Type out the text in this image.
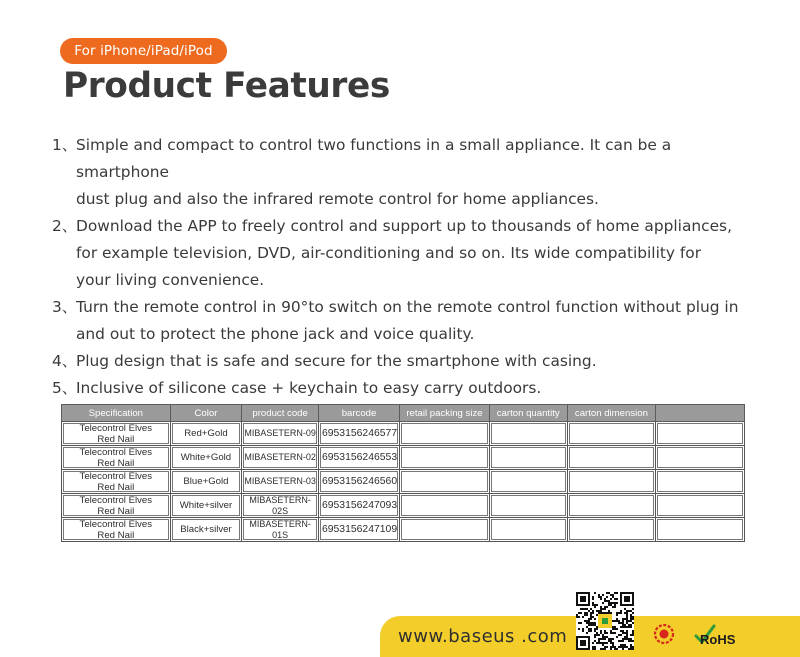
For iPhone/iPad/iPod
Product Features
1、
Simple and compact to control two functions in a small appliance. It can be a smartphone
dust plug and also the infrared remote control for home appliances.
2、
Download the APP to freely control and support up to thousands of home appliances,
for example television, DVD, air-conditioning and so on. Its wide compatibility for
your living convenience.
3、
Turn the remote control in 90°to switch on the remote control function without plug in
and out to protect the phone jack and voice quality.
4、
Plug design that is safe and secure for the smartphone with casing.
5、
Inclusive of silicone case + keychain to easy carry outdoors.
Specification	Color	product code	barcode	retail packing size	carton quantity	carton dimension	
Telecontrol Elves
Red Nail	Red+Gold	MIBASETERN-09	6953156246577				
Telecontrol Elves
Red Nail	White+Gold	MIBASETERN-02	6953156246553				
Telecontrol Elves
Red Nail	Blue+Gold	MIBASETERN-03	6953156246560				
Telecontrol Elves
Red Nail	White+silver	MIBASETERN-02S	6953156247093				
Telecontrol Elves
Red Nail	Black+silver	MIBASETERN-01S	6953156247109				
www.baseus .com	RoHS
